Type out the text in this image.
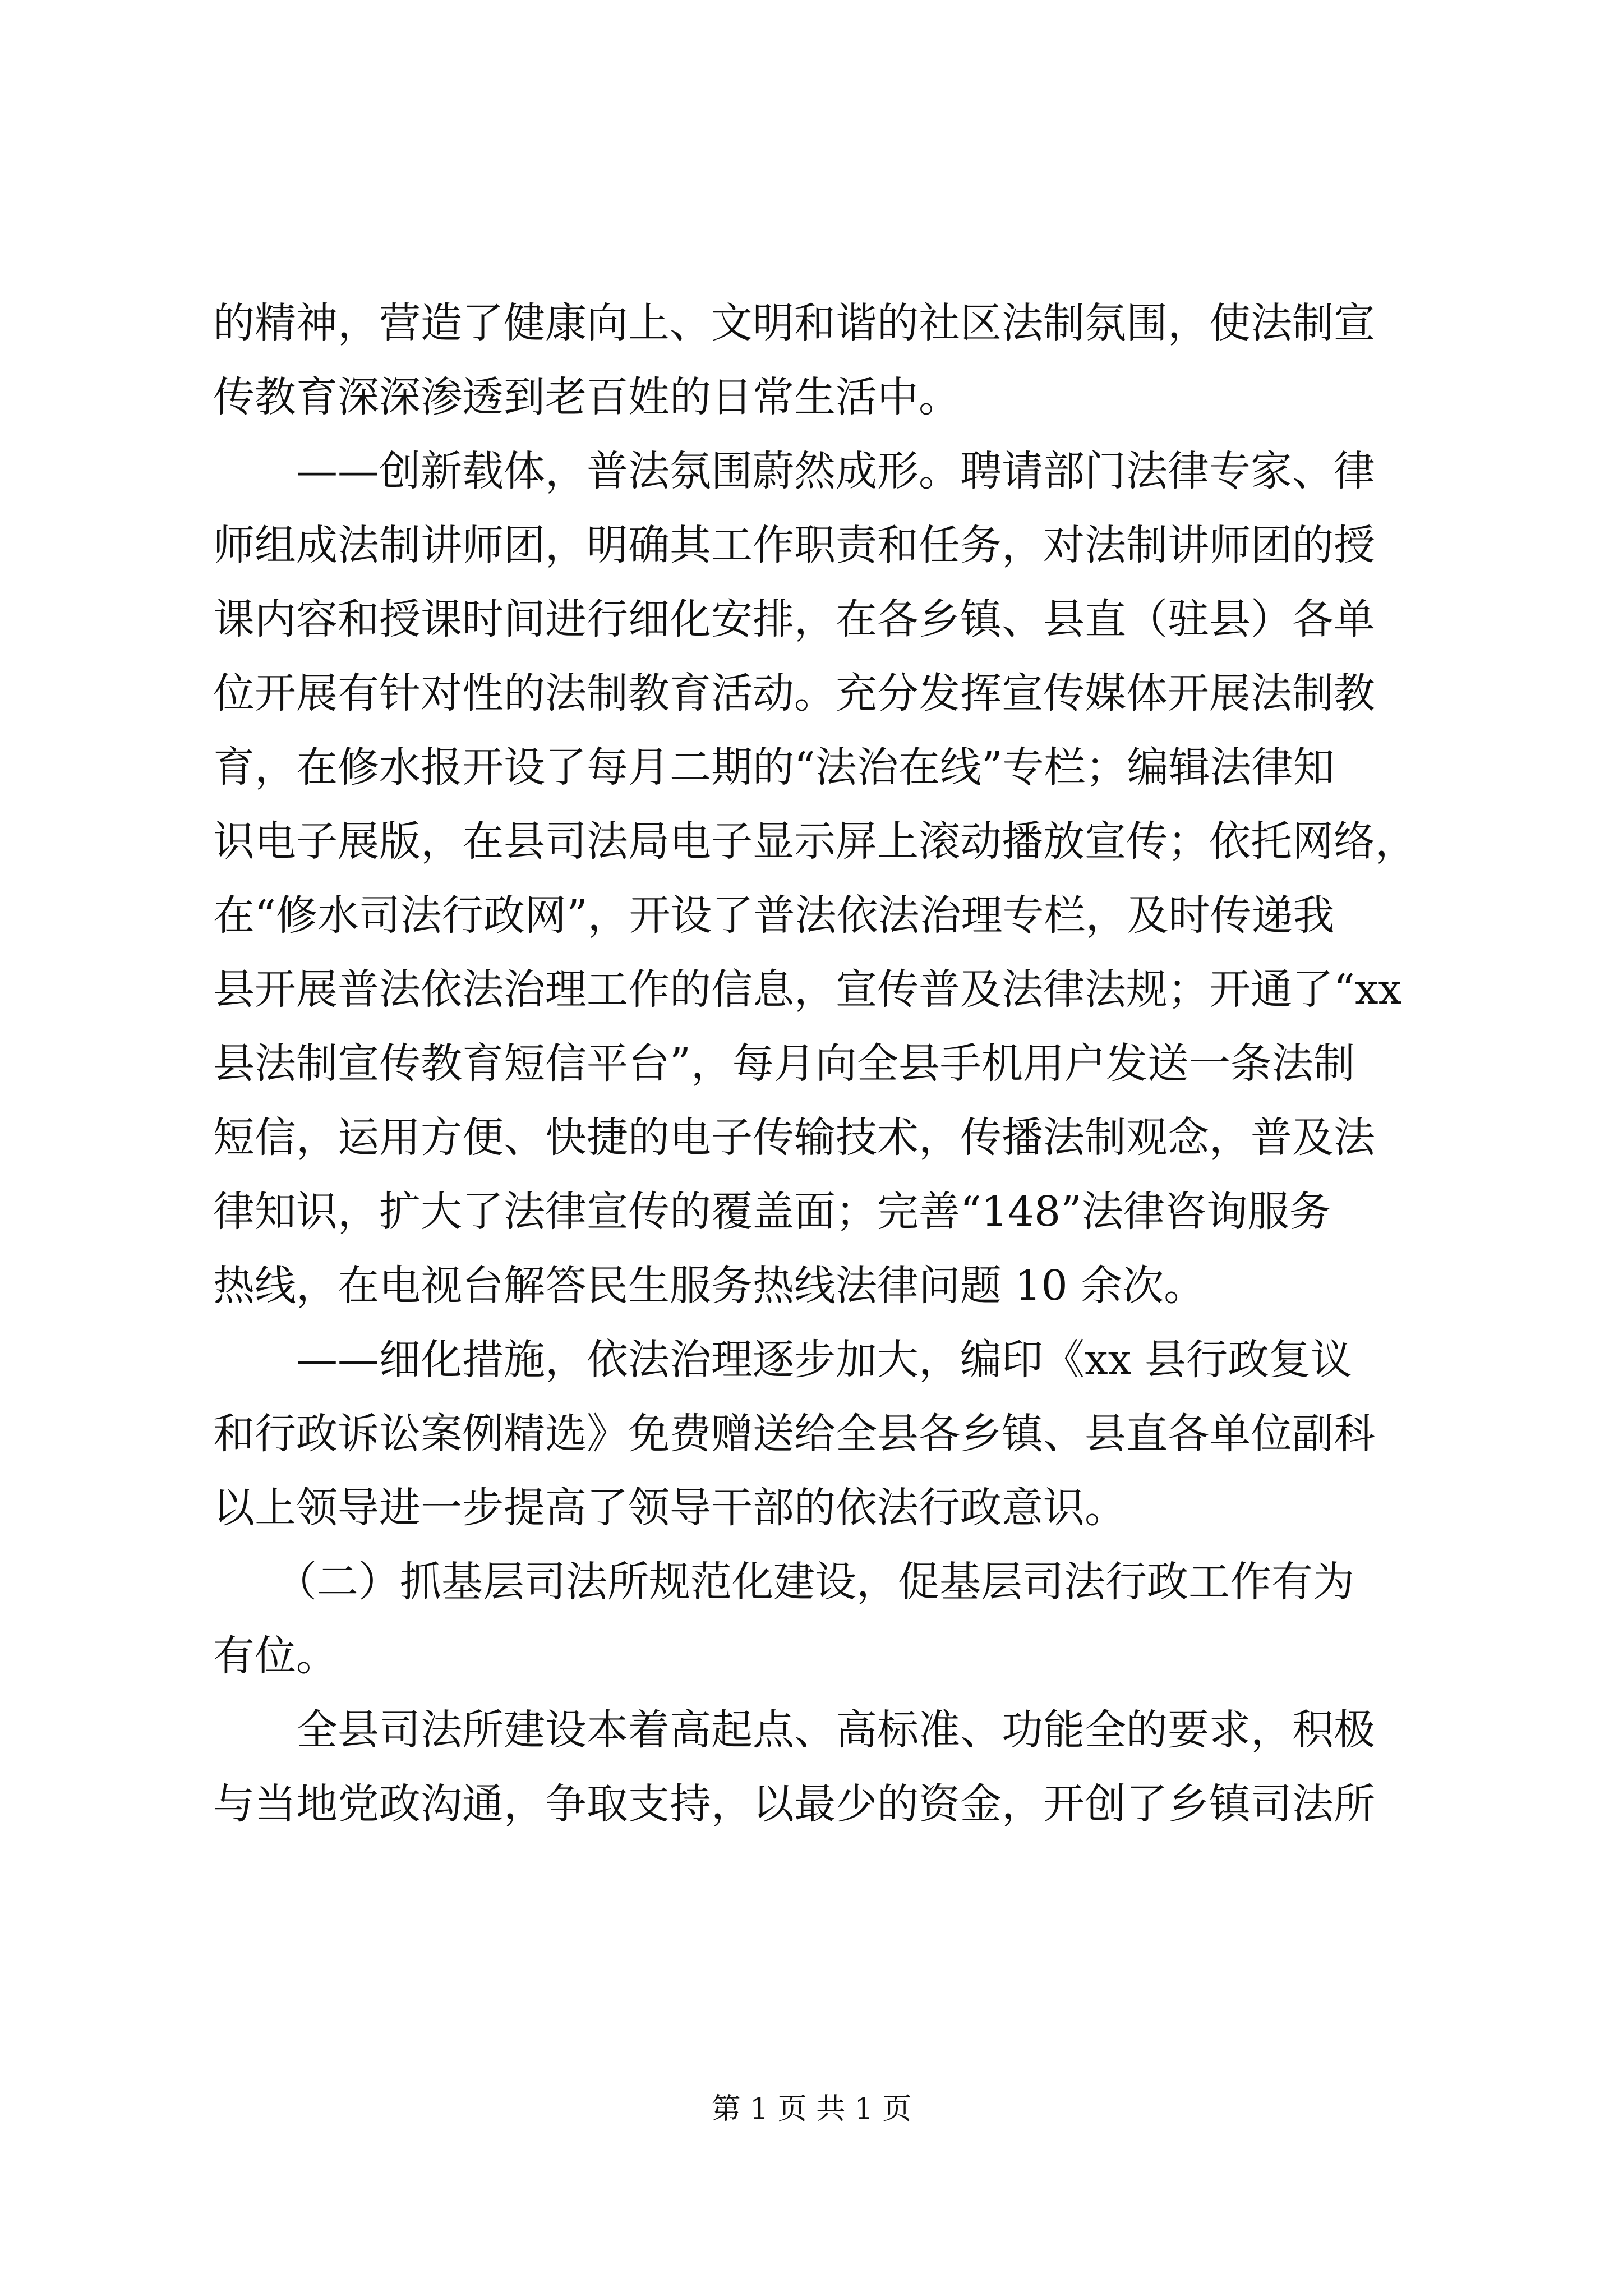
的精神，营造了健康向上、文明和谐的社区法制氛围，使法制宣
传教育深深渗透到老百姓的日常生活中。
　　——创新载体，普法氛围蔚然成形。聘请部门法律专家、律
师组成法制讲师团，明确其工作职责和任务，对法制讲师团的授
课内容和授课时间进行细化安排，在各乡镇、县直（驻县）各单
位开展有针对性的法制教育活动。充分发挥宣传媒体开展法制教
育，在修水报开设了每月二期的“法治在线”专栏；编辑法律知
识电子展版，在县司法局电子显示屏上滚动播放宣传；依托网络，
在“修水司法行政网”，开设了普法依法治理专栏，及时传递我
县开展普法依法治理工作的信息，宣传普及法律法规；开通了“xx
县法制宣传教育短信平台”，每月向全县手机用户发送一条法制
短信，运用方便、快捷的电子传输技术，传播法制观念，普及法
律知识，扩大了法律宣传的覆盖面；完善“148”法律咨询服务
热线，在电视台解答民生服务热线法律问题 10 余次。
　　——细化措施，依法治理逐步加大，编印《xx 县行政复议
和行政诉讼案例精选》免费赠送给全县各乡镇、县直各单位副科
以上领导进一步提高了领导干部的依法行政意识。
　　（二）抓基层司法所规范化建设，促基层司法行政工作有为
有位。
　　全县司法所建设本着高起点、高标准、功能全的要求，积极
与当地党政沟通，争取支持，以最少的资金，开创了乡镇司法所
第 1 页 共 1 页
